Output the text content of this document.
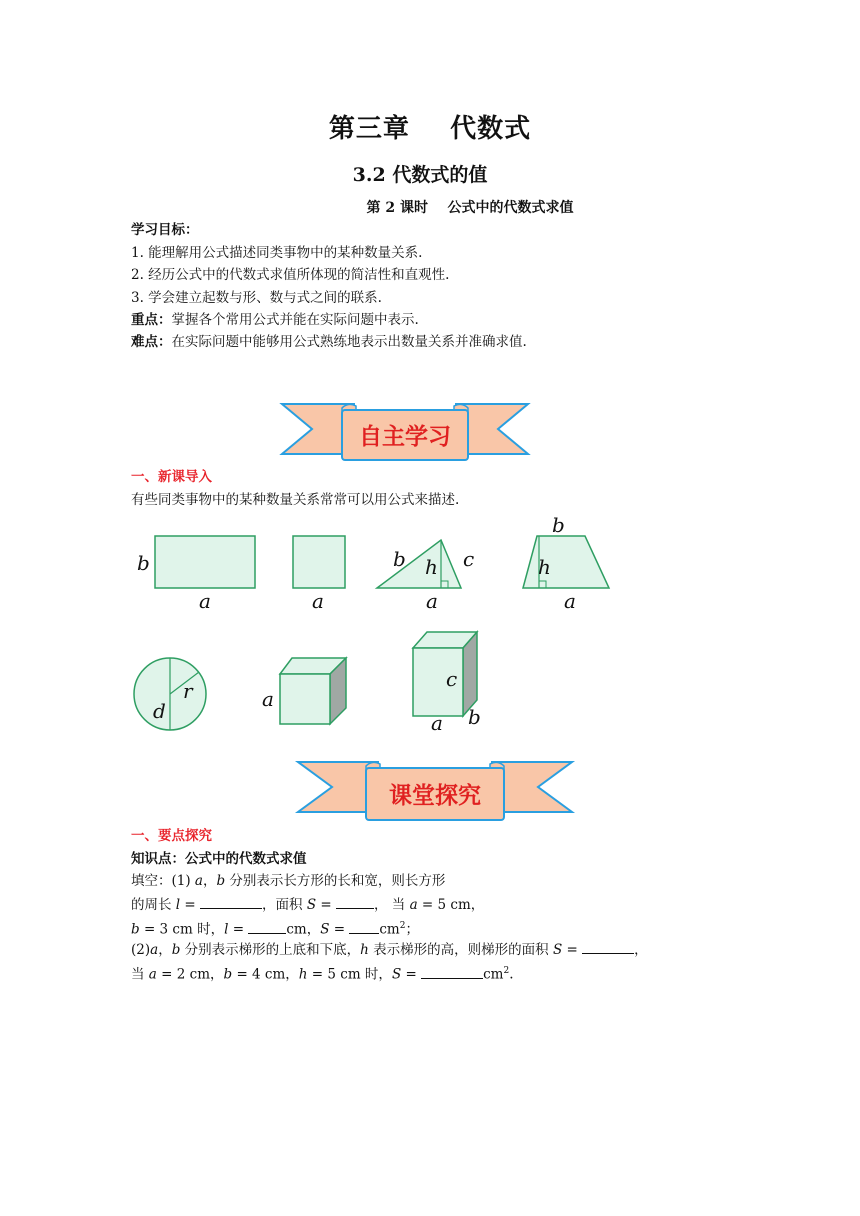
第三章    代数式
3.2 代数式的值
第 2 课时    公式中的代数式求值
学习目标：
1. 能理解用公式描述同类事物中的某种数量关系.
2. 经历公式中的代数式求值所体现的简洁性和直观性.
3. 学会建立起数与形、数与式之间的联系.
重点：掌握各个常用公式并能在实际问题中表示.
难点：在实际问题中能够用公式熟练地表示出数量关系并准确求值.
自主学习
一、新课导入
有些同类事物中的某种数量关系常常可以用公式来描述.
b
a	a
b h c
a
b
h
a
r
d	a
c
a b
课堂探究
一、要点探究
知识点：公式中的代数式求值
填空：(1) a，b 分别表示长方形的长和宽，则长方形
的周长 l =	，面积 S =	， 当 a = 5 cm，
b = 3 cm 时，l =	cm，$S = cm^2$；
(2)a，b 分别表示梯形的上底和下底，h 表示梯形的高，则梯形的面积 S =	，
当 a = 2 cm，b = 4 cm，h = 5 cm 时，S =	$cm^2$.
